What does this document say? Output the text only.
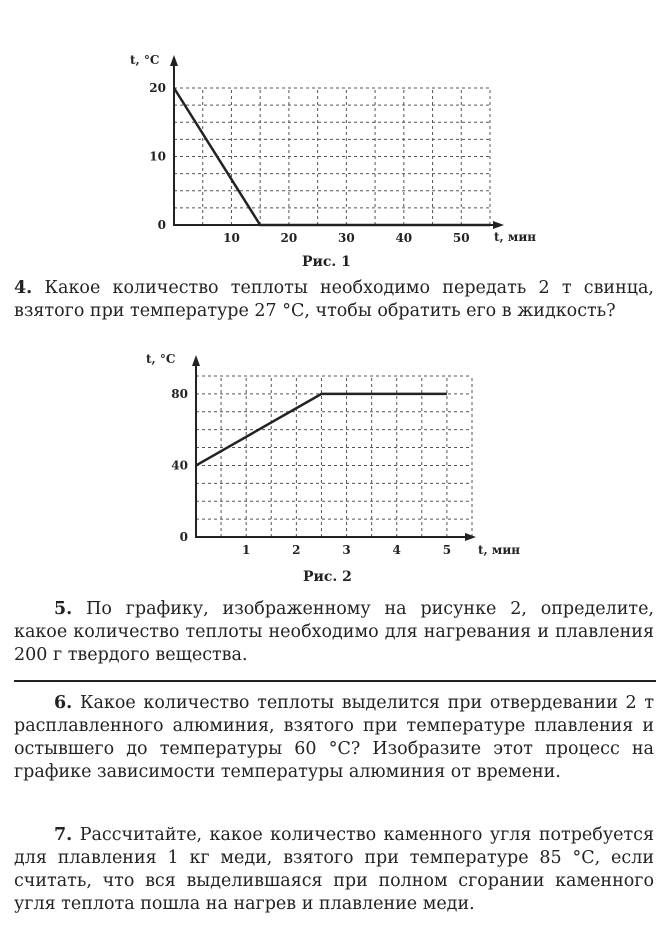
0
10
20
10	20	30	40	50
t, °C
t, мин
Рис. 1
4. Какое количество теплоты необходимо передать 2 т свинца, взятого при температуре 27 °С, чтобы обратить его в жидкость?
0
40
80
1	2	3	4	5
t, °C
t, мин
Рис. 2
5. По графику, изображенному на рисунке 2, определите, какое количество теплоты необходимо для нагревания и плавления 200 г твердого вещества.
6. Какое количество теплоты выделится при отвердевании 2 т расплавленного алюминия, взятого при температуре плавления и остывшего до температуры 60 °С? Изобразите этот процесс на графике зависимости температуры алюминия от времени.
7. Рассчитайте, какое количество каменного угля потребуется для плавления 1 кг меди, взятого при температуре 85 °С, если считать, что вся выделившаяся при полном сгорании каменного угля теплота пошла на нагрев и плавление меди.
